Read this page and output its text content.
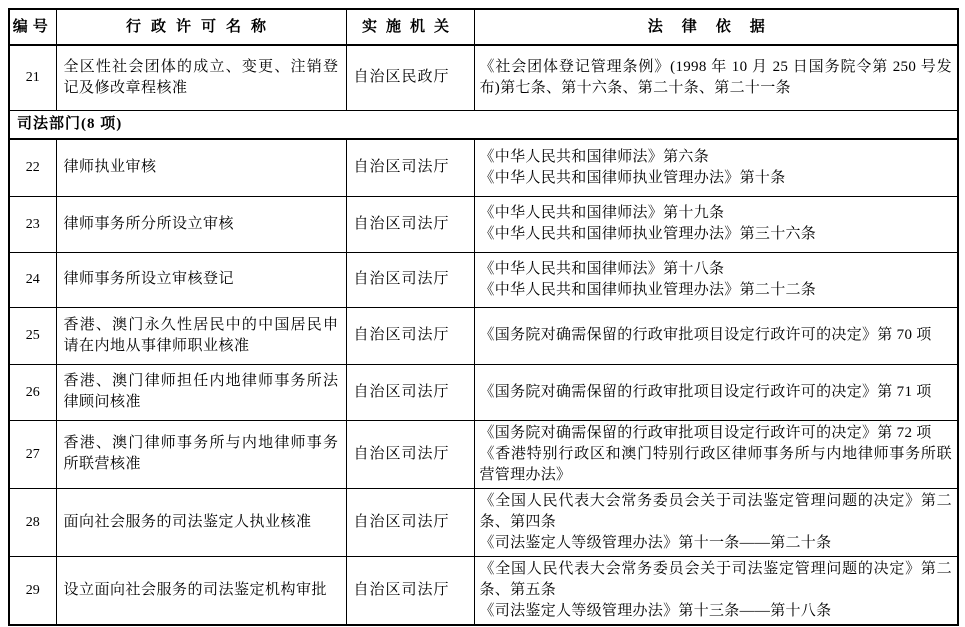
编号	行政许可名称	实施机关	法律依据
21	全区性社会团体的成立、变更、注销登记及修改章程核准	自治区民政厅	《社会团体登记管理条例》(1998 年 10 月 25 日国务院令第 250 号发布)第七条、第十六条、第二十条、第二十一条

司法部门(8 项)			
22	律师执业审核	自治区司法厅	《中华人民共和国律师法》第六条
《中华人民共和国律师执业管理办法》第十条

23	律师事务所分所设立审核	自治区司法厅	《中华人民共和国律师法》第十九条
《中华人民共和国律师执业管理办法》第三十六条

24	律师事务所设立审核登记	自治区司法厅	《中华人民共和国律师法》第十八条
《中华人民共和国律师执业管理办法》第二十二条

25	香港、澳门永久性居民中的中国居民申请在内地从事律师职业核准	自治区司法厅	《国务院对确需保留的行政审批项目设定行政许可的决定》第 70 项

26	香港、澳门律师担任内地律师事务所法律顾问核准	自治区司法厅	《国务院对确需保留的行政审批项目设定行政许可的决定》第 71 项

27	香港、澳门律师事务所与内地律师事务所联营核准	自治区司法厅	《国务院对确需保留的行政审批项目设定行政许可的决定》第 72 项
《香港特别行政区和澳门特别行政区律师事务所与内地律师事务所联营管理办法》

28	面向社会服务的司法鉴定人执业核准	自治区司法厅	《全国人民代表大会常务委员会关于司法鉴定管理问题的决定》第二条、第四条
《司法鉴定人等级管理办法》第十一条——第二十条

29	设立面向社会服务的司法鉴定机构审批	自治区司法厅	《全国人民代表大会常务委员会关于司法鉴定管理问题的决定》第二条、第五条
《司法鉴定人等级管理办法》第十三条——第十八条
